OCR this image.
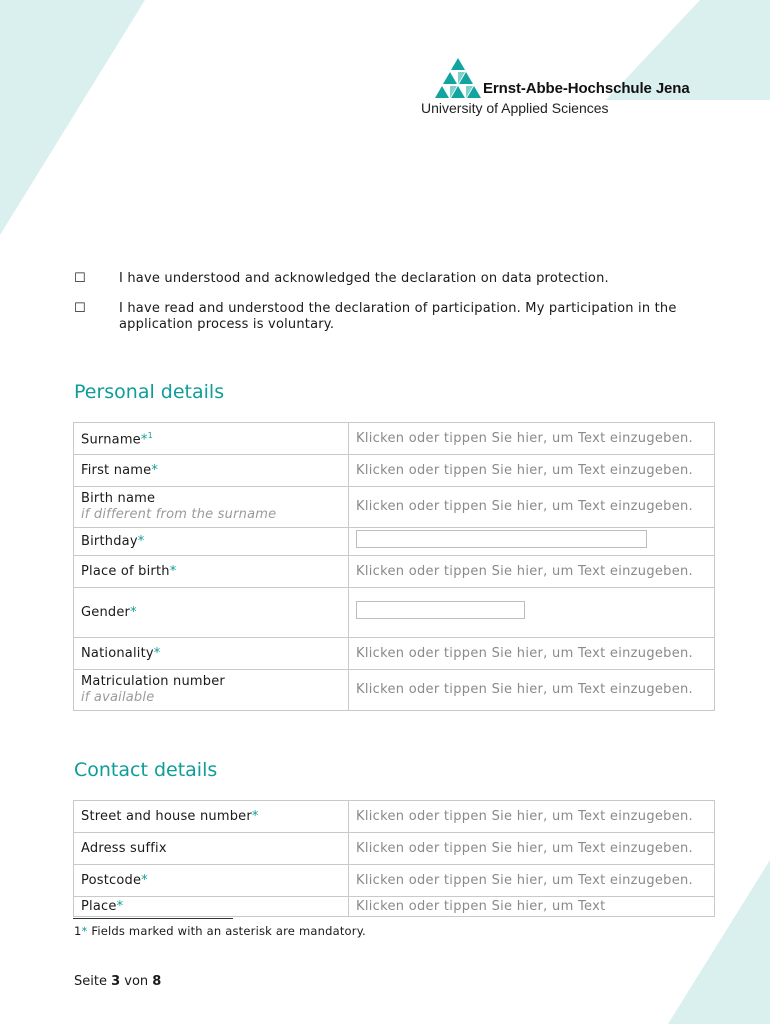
Ernst-Abbe-Hochschule Jena
University of Applied Sciences
☐	I have understood and acknowledged the declaration on data protection.
☐	I have read and understood the declaration of participation. My participation in the application process is voluntary.
Personal details
Surname*$^1$	Klicken oder tippen Sie hier, um Text einzugeben.
First name*	Klicken oder tippen Sie hier, um Text einzugeben.
Birth name
if different from the surname	Klicken oder tippen Sie hier, um Text einzugeben.
Birthday*	
Place of birth*	Klicken oder tippen Sie hier, um Text einzugeben.
Gender*	
Nationality*	Klicken oder tippen Sie hier, um Text einzugeben.
Matriculation number
if available	Klicken oder tippen Sie hier, um Text einzugeben.
Contact details
Street and house number*	Klicken oder tippen Sie hier, um Text einzugeben.
Adress suffix	Klicken oder tippen Sie hier, um Text einzugeben.
Postcode*	Klicken oder tippen Sie hier, um Text einzugeben.
Place*	Klicken oder tippen Sie hier, um Text
1* Fields marked with an asterisk are mandatory.
Seite 3 von 8
